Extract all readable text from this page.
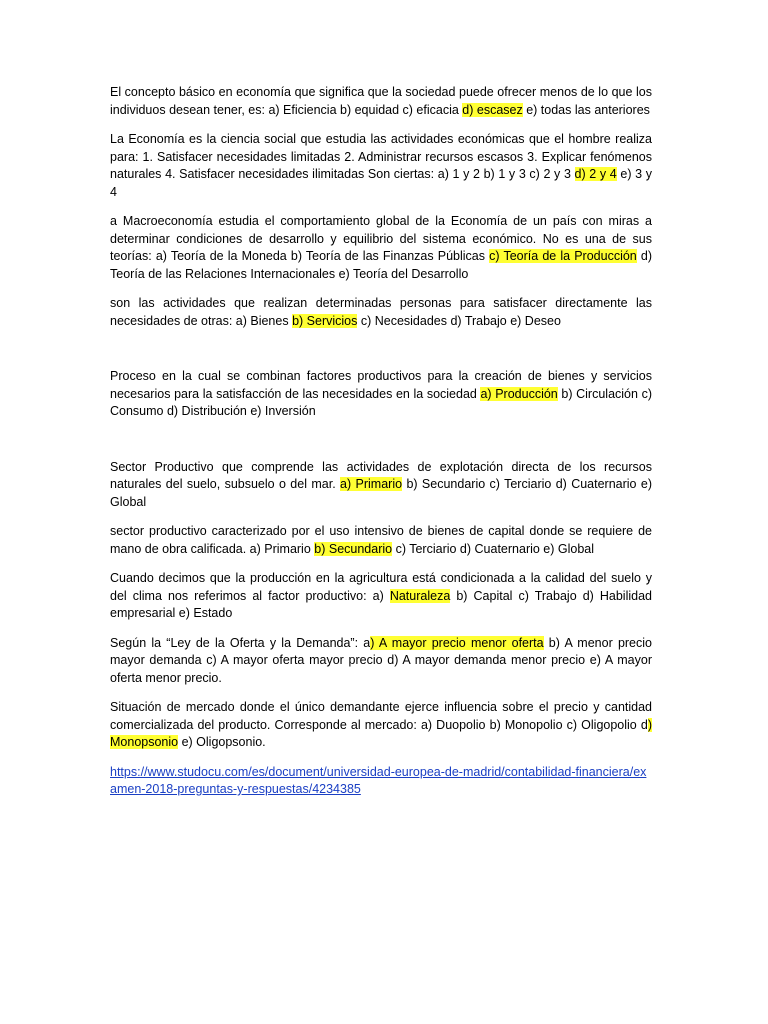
El concepto básico en economía que significa que la sociedad puede ofrecer menos de lo que los individuos desean tener, es: a) Eficiencia b) equidad c) eficacia d) escasez e) todas las anteriores

La Economía es la ciencia social que estudia las actividades económicas que el hombre realiza para: 1. Satisfacer necesidades limitadas 2. Administrar recursos escasos 3. Explicar fenómenos naturales 4. Satisfacer necesidades ilimitadas Son ciertas: a) 1 y 2 b) 1 y 3 c) 2 y 3 d) 2 y 4 e) 3 y 4

a Macroeconomía estudia el comportamiento global de la Economía de un país con miras a determinar condiciones de desarrollo y equilibrio del sistema económico. No es una de sus teorías: a) Teoría de la Moneda b) Teoría de las Finanzas Públicas c) Teoría de la Producción d) Teoría de las Relaciones Internacionales e) Teoría del Desarrollo

son las actividades que realizan determinadas personas para satisfacer directamente las necesidades de otras: a) Bienes b) Servicios c) Necesidades d) Trabajo e) Deseo

Proceso en la cual se combinan factores productivos para la creación de bienes y servicios necesarios para la satisfacción de las necesidades en la sociedad a) Producción b) Circulación c) Consumo d) Distribución e) Inversión

Sector Productivo que comprende las actividades de explotación directa de los recursos naturales del suelo, subsuelo o del mar. a) Primario b) Secundario c) Terciario d) Cuaternario e) Global

sector productivo caracterizado por el uso intensivo de bienes de capital donde se requiere de mano de obra calificada. a) Primario b) Secundario c) Terciario d) Cuaternario e) Global

Cuando decimos que la producción en la agricultura está condicionada a la calidad del suelo y del clima nos referimos al factor productivo: a) Naturaleza b) Capital c) Trabajo d) Habilidad empresarial e) Estado

Según la “Ley de la Oferta y la Demanda”: a) A mayor precio menor oferta b) A menor precio mayor demanda c) A mayor oferta mayor precio d) A mayor demanda menor precio e) A mayor oferta menor precio.

Situación de mercado donde el único demandante ejerce influencia sobre el precio y cantidad comercializada del producto. Corresponde al mercado: a) Duopolio b) Monopolio c) Oligopolio d) Monopsonio e) Oligopsonio.

https://www.studocu.com/es/document/universidad-europea-de-madrid/contabilidad-financiera/examen-2018-preguntas-y-respuestas/4234385
